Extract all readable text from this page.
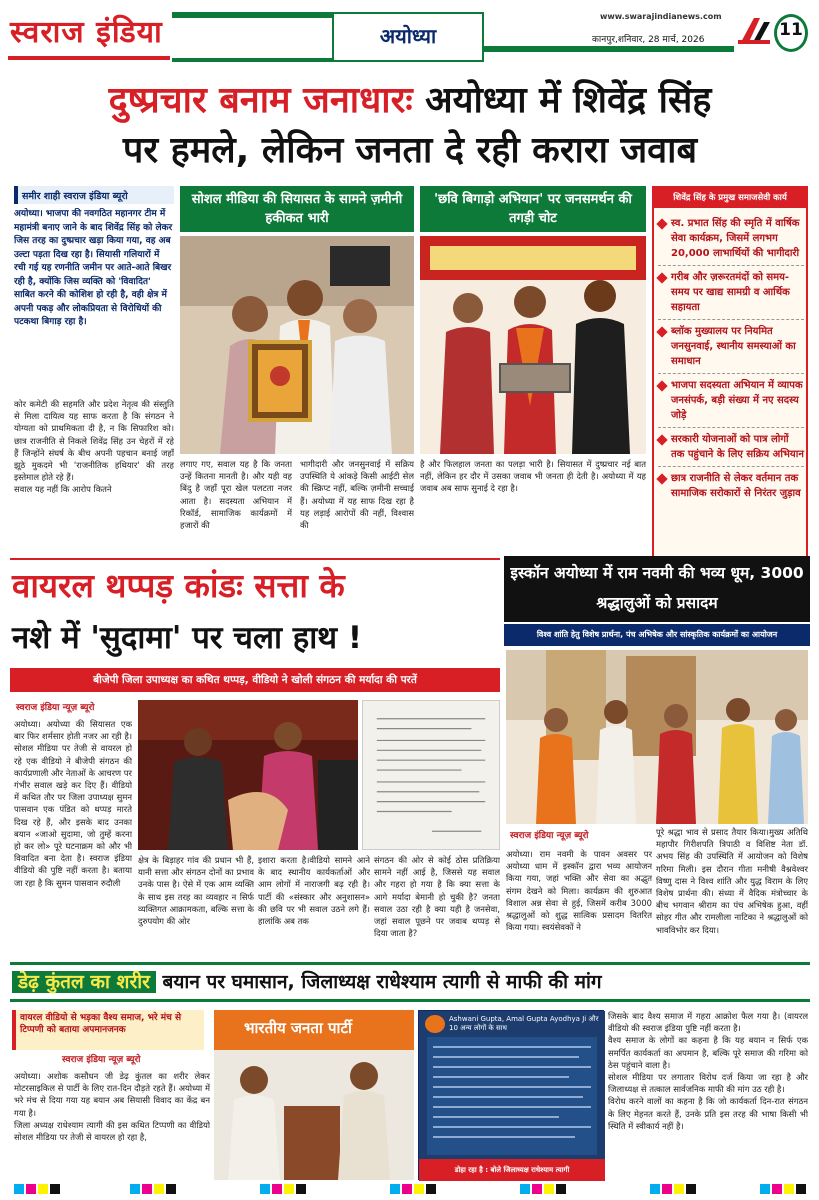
स्वराज इंडिया	अयोध्या
www.swarajindianews.com
कानपुर,शनिवार, 28 मार्च, 2026	11
दुष्प्रचार बनाम जनाधारः अयोध्या में शिवेंद्र सिंह
पर हमले, लेकिन जनता दे रही करारा जवाब
समीर शाही स्वराज इंडिया ब्यूरो
अयोध्या। भाजपा की नवगठित महानगर टीम में महामंत्री बनाए जाने के बाद शिवेंद्र सिंह को लेकर जिस तरह का दुष्प्रचार खड़ा किया गया, वह अब उल्टा पड़ता दिख रहा है। सियासी गलियारों में रची गई यह रणनीति जमीन पर आते-आते बिखर रही है, क्योंकि जिस व्यक्ति को 'विवादित' साबित करने की कोशिश हो रही है, वही क्षेत्र में अपनी पकड़ और लोकप्रियता से विरोधियों की पटकथा बिगाड़ रहा है।
कोर कमेटी की सहमति और प्रदेश नेतृत्व की संस्तुति से मिला दायित्व यह साफ करता है कि संगठन ने योग्यता को प्राथमिकता दी है, न कि सिफारिश को। छात्र राजनीति से निकले शिवेंद्र सिंह उन चेहरों में रहे हैं जिन्होंने संघर्ष के बीच अपनी पहचान बनाई जहाँ झूठे मुकदमे भी 'राजनीतिक हथियार' की तरह इस्तेमाल होते रहे हैं।
सवाल यह नहीं कि आरोप कितने
सोशल मीडिया की सियासत के सामने ज़मीनी हकीकत भारी
'छवि बिगाड़ो अभियान' पर जनसमर्थन की तगड़ी चोट
शिवेंद्र सिंह के प्रमुख समाजसेवी कार्य
स्व. प्रभात सिंह की स्मृति में वार्षिक सेवा कार्यक्रम, जिसमें लगभग 20,000 लाभार्थियों की भागीदारी
गरीब और ज़रूरतमंदों को समय-समय पर खाद्य सामग्री व आर्थिक सहायता
ब्लॉक मुख्यालय पर नियमित जनसुनवाई, स्थानीय समस्याओं का समाधान
भाजपा सदस्यता अभियान में व्यापक जनसंपर्क, बड़ी संख्या में नए सदस्य जोड़े
सरकारी योजनाओं को पात्र लोगों तक पहुंचाने के लिए सक्रिय अभियान
छात्र राजनीति से लेकर वर्तमान तक सामाजिक सरोकारों से निरंतर जुड़ाव
लगाए गए, सवाल यह है कि जनता उन्हें कितना मानती है। और यही वह बिंदु है जहाँ पूरा खेल पलटता नजर आता है। सदस्यता अभियान में रिकॉर्ड, सामाजिक कार्यक्रमों में हजारों की
भागीदारी और जनसुनवाई में सक्रिय उपस्थिति ये आंकड़े किसी आईटी सेल की स्क्रिप्ट नहीं, बल्कि ज़मीनी सच्चाई हैं। अयोध्या में यह साफ दिख रहा है यह लड़ाई आरोपों की नहीं, विश्वास की
है और फिलहाल जनता का पलड़ा भारी है। सियासत में दुष्प्रचार नई बात नहीं, लेकिन हर दौर में उसका जवाब भी जनता ही देती है। अयोध्या में यह जवाब अब साफ सुनाई दे रहा है।
वायरल थप्पड़ कांडः सत्ता के
नशे में 'सुदामा' पर चला हाथ !
बीजेपी जिला उपाध्यक्ष का कथित थप्पड़, वीडियो ने खोली संगठन की मर्यादा की परतें
स्वराज इंडिया न्यूज़ ब्यूरो
अयोध्या। अयोध्या की सियासत एक बार फिर शर्मसार होती नजर आ रही है। सोशल मीडिया पर तेजी से वायरल हो रहे एक वीडियो ने बीजेपी संगठन की कार्यप्रणाली और नेताओं के आचरण पर गंभीर सवाल खड़े कर दिए हैं। वीडियो में कथित तौर पर जिला उपाध्यक्ष सुमन पासवान एक पंडित को थप्पड़ मारते दिख रहे हैं, और इसके बाद उनका बयान «जाओ सुदामा, जो तुम्हें करना हो कर लो» पूरे घटनाक्रम को और भी विवादित बना देता है। स्वराज इंडिया वीडियो की पुष्टि नहीं करता है। बताया जा रहा है कि सुमन पासवान रुदौली
क्षेत्र के बिड़ाहर गांव की प्रधान भी हैं, यानी सत्ता और संगठन दोनों का प्रभाव उनके पास है। ऐसे में एक आम व्यक्ति के साथ इस तरह का व्यवहार न सिर्फ व्यक्तिगत आक्रामकता, बल्कि सत्ता के दुरुपयोग की ओर
इशारा करता है।वीडियो सामने आने के बाद स्थानीय कार्यकर्ताओं और आम लोगों में नाराजगी बढ़ रही है। पार्टी की «संस्कार और अनुशासन» की छवि पर भी सवाल उठने लगे हैं। हालांकि अब तक
संगठन की ओर से कोई ठोस प्रतिक्रिया सामने नहीं आई है, जिससे यह सवाल और गहरा हो गया है कि क्या सत्ता के आगे मर्यादा बेमानी हो चुकी है? जनता सवाल उठा रही है क्या यही है जनसेवा, जहां सवाल पूछने पर जवाब थप्पड़ से दिया जाता है?
इस्कॉन अयोध्या में राम नवमी की भव्य धूम, 3000 श्रद्धालुओं को प्रसादम
विश्व शांति हेतु विशेष प्रार्थना, पंच अभिषेक और सांस्कृतिक कार्यक्रमों का आयोजन
स्वराज इंडिया न्यूज़ ब्यूरो
अयोध्या। राम नवमी के पावन अवसर पर अयोध्या धाम में इस्कॉन द्वारा भव्य आयोजन किया गया, जहां भक्ति और सेवा का अद्भुत संगम देखने को मिला। कार्यक्रम की शुरुआत विशाल अन्न सेवा से हुई, जिसमें करीब 3000 श्रद्धालुओं को शुद्ध सात्विक प्रसादम वितरित किया गया। स्वयंसेवकों ने
पूरे श्रद्धा भाव से प्रसाद तैयार किया।मुख्य अतिथि महापौर गिरीशपति त्रिपाठी व विशिष्ट नेता डॉ. अभय सिंह की उपस्थिति में आयोजन को विशेष गरिमा मिली। इस दौरान गीता मनीषी वैश्नवेश्वर विष्णु दास ने विश्व शांति और युद्ध विराम के लिए विशेष प्रार्थना की। संध्या में वैदिक मंत्रोच्चार के बीच भगवान श्रीराम का पंच अभिषेक हुआ, वहीं सोहर गीत और रामलीला नाटिका ने श्रद्धालुओं को भावविभोर कर दिया।
डेढ़ कुंतल का शरीर बयान पर घमासान, जिलाध्यक्ष राधेश्याम त्यागी से माफी की मांग
वायरल वीडियो से भड़का वैश्य समाज, भरे मंच से टिप्पणी को बताया अपमानजनक
स्वराज इंडिया न्यूज़ ब्यूरो
अयोध्या। अशोक कसौधन जी डेढ़ कुंतल का शरीर लेकर मोटरसाइकिल से पार्टी के लिए रात-दिन दौड़ते रहते हैं। अयोध्या में भरे मंच से दिया गया यह बयान अब सियासी विवाद का केंद्र बन गया है।
जिला अध्यक्ष राधेश्याम त्यागी की इस कथित टिप्पणी का वीडियो सोशल मीडिया पर तेजी से वायरल हो रहा है,
भारतीय जनता पार्टी	Ashwani Gupta, Amal Gupta Ayodhya Ji और 10 अन्य लोगों के साथ
डोहा रहा है : बोले जिलाध्यक्ष राधेश्याम त्यागी
जिसके बाद वैश्य समाज में गहरा आक्रोश फैल गया है। (वायरल वीडियो की स्वराज इंडिया पुष्टि नहीं करता है।
वैश्य समाज के लोगों का कहना है कि यह बयान न सिर्फ एक समर्पित कार्यकर्ता का अपमान है, बल्कि पूरे समाज की गरिमा को ठेस पहुंचाने वाला है।
सोशल मीडिया पर लगातार विरोध दर्ज किया जा रहा है और जिलाध्यक्ष से तत्काल सार्वजनिक माफी की मांग उठ रही है।
विरोध करने वालों का कहना है कि जो कार्यकर्ता दिन-रात संगठन के लिए मेहनत करते हैं, उनके प्रति इस तरह की भाषा किसी भी स्थिति में स्वीकार्य नहीं है।
